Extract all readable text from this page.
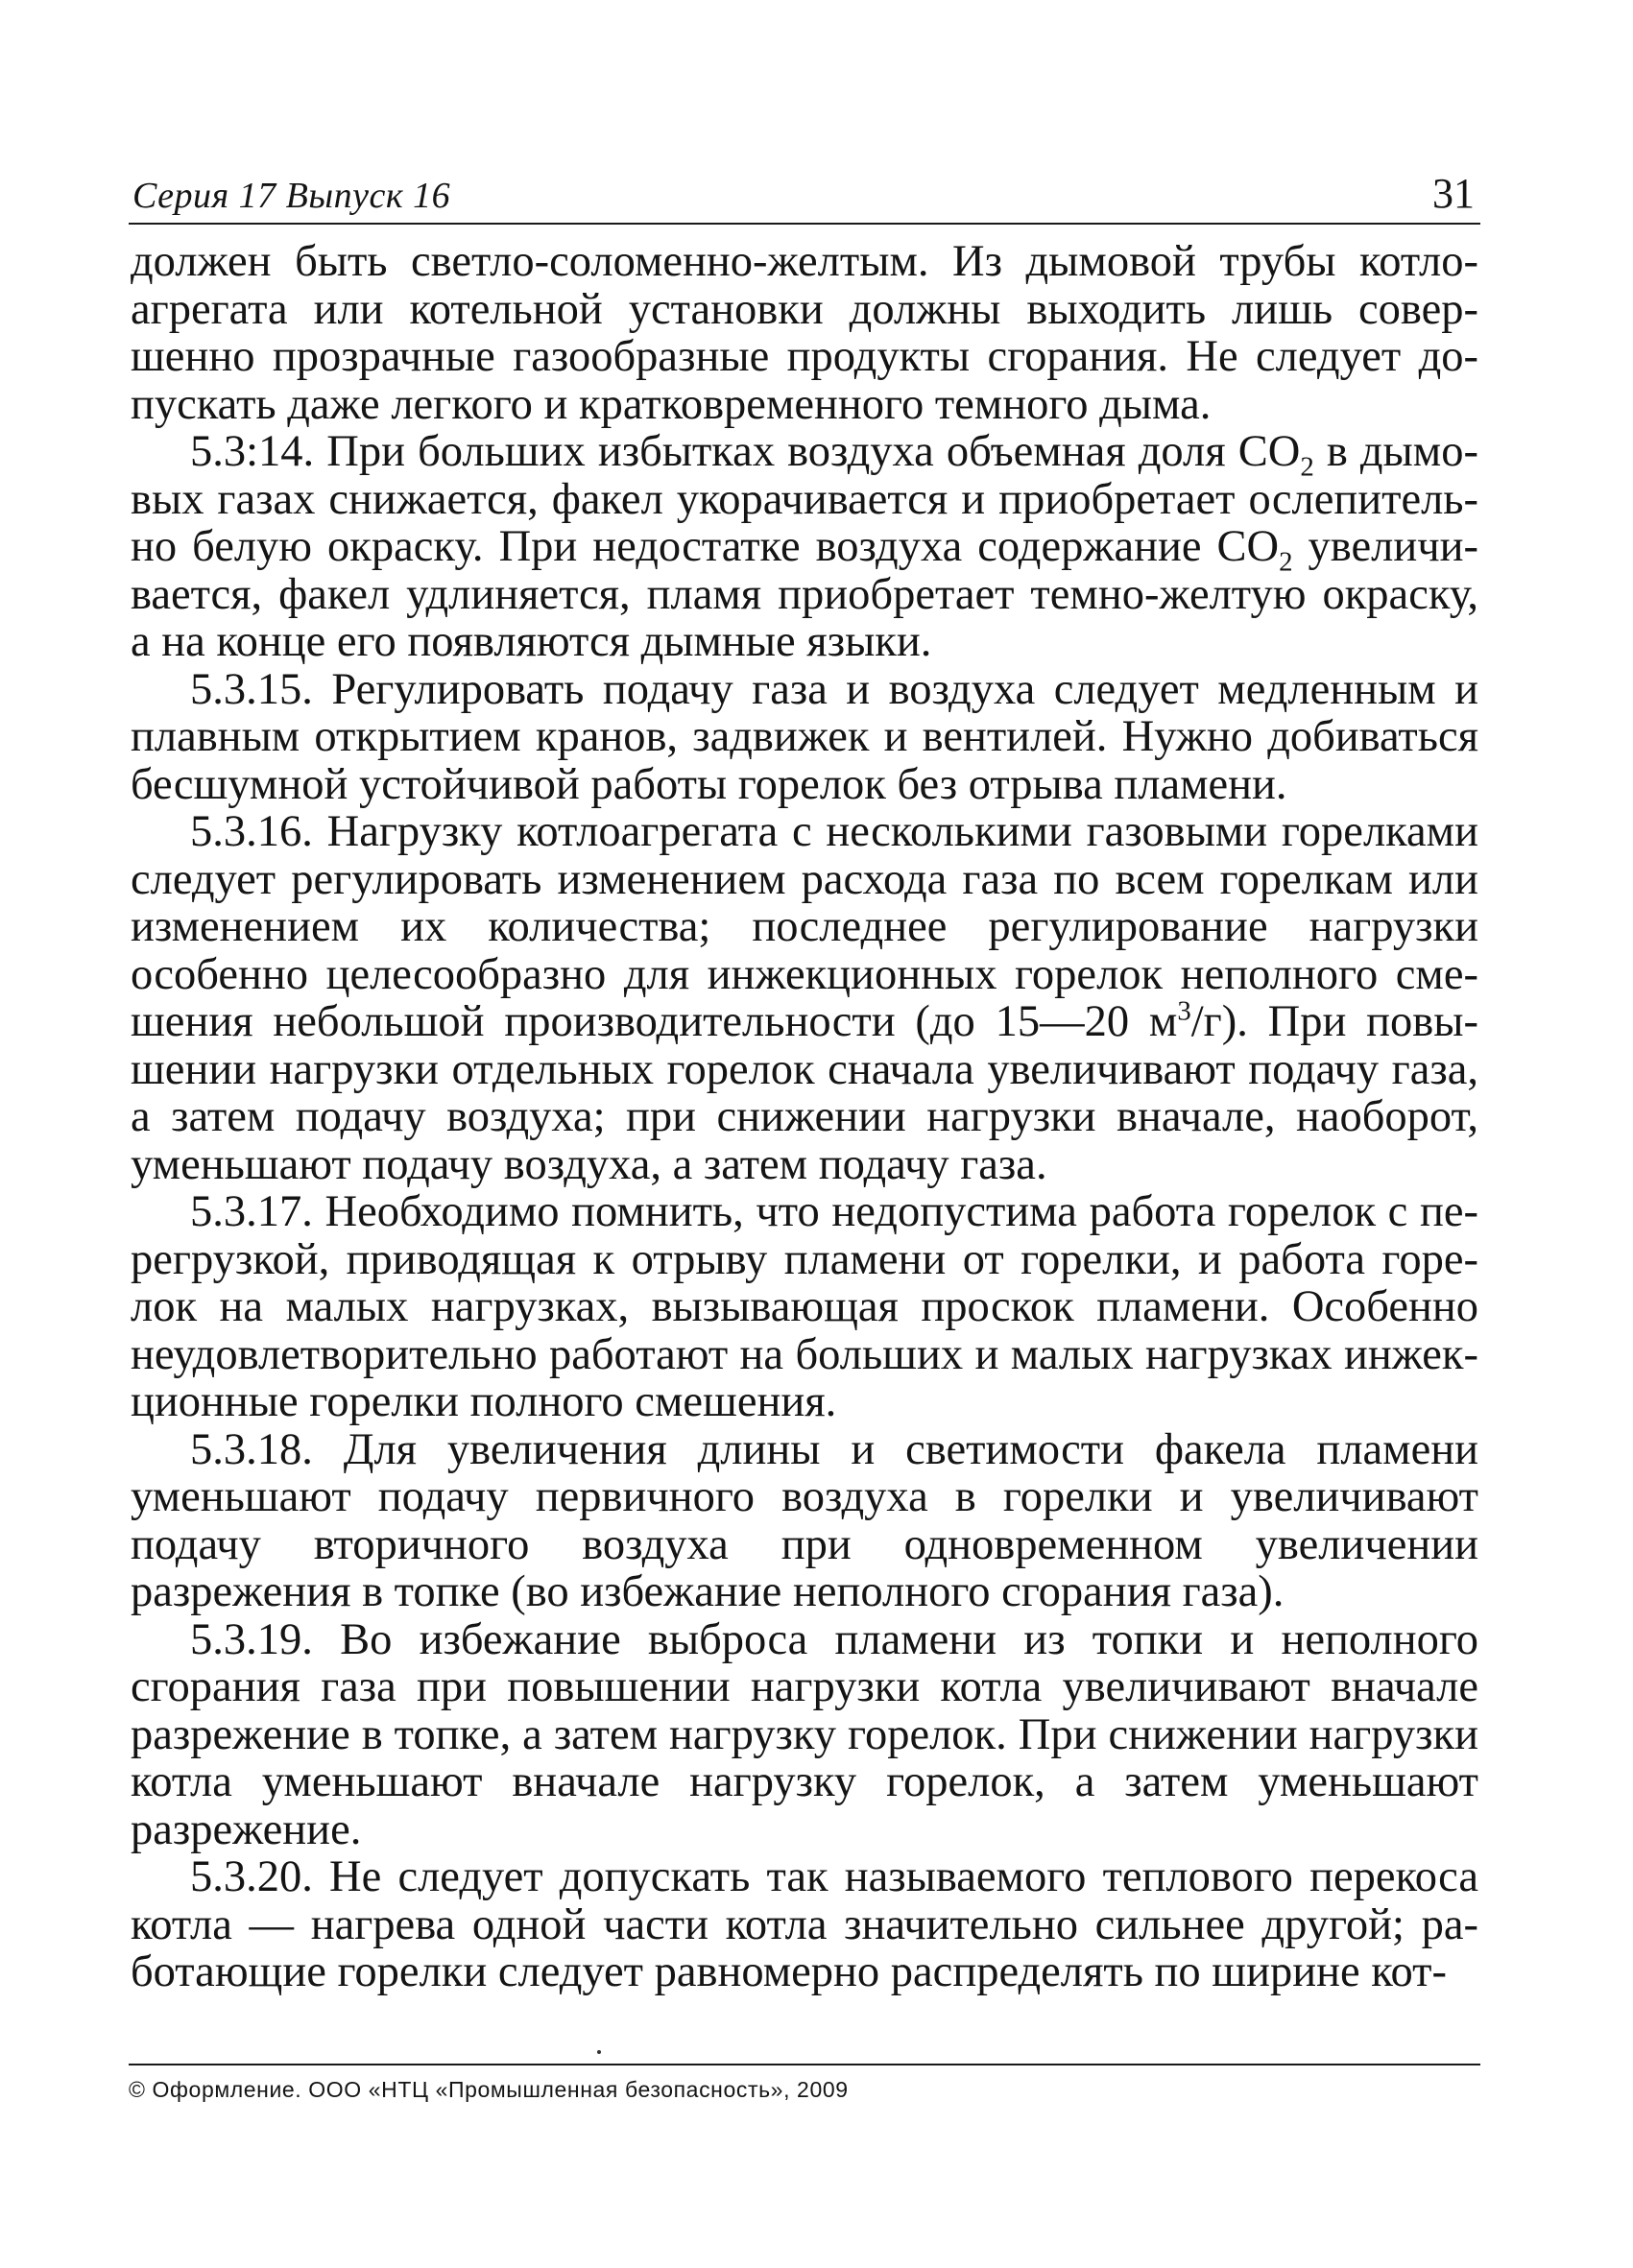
Серия 17 Выпуск 16	31

должен быть светло-соломенно-желтым. Из дымовой трубы котлоагрегата или котельной установки должны выходить лишь совершенно прозрачные газообразные продукты сгорания. Не следует допускать даже легкого и кратковременного темного дыма.

5.3:14. При больших избытках воздуха объемная доля $СО_2$ в дымовых газах снижается, факел укорачивается и приобретает ослепительно белую окраску. При недостатке воздуха содержание $СО_2$ увеличивается, факел удлиняется, пламя приобретает темно-желтую окраску, а на конце его появляются дымные языки.

5.3.15. Регулировать подачу газа и воздуха следует медленным и плавным открытием кранов, задвижек и вентилей. Нужно добиваться бесшумной устойчивой работы горелок без отрыва пламени.

5.3.16. Нагрузку котлоагрегата с несколькими газовыми горелками следует регулировать изменением расхода газа по всем горелкам или изменением их количества; последнее регулирование нагрузки особенно целесообразно для инжекционных горелок неполного смешения небольшой производительности (до 15—20 $м^3/г$). При повышении нагрузки отдельных горелок сначала увеличивают подачу газа, а затем подачу воздуха; при снижении нагрузки вначале, наоборот, уменьшают подачу воздуха, а затем подачу газа.

5.3.17. Необходимо помнить, что недопустима работа горелок с перегрузкой, приводящая к отрыву пламени от горелки, и работа горелок на малых нагрузках, вызывающая проскок пламени. Особенно неудовлетворительно работают на больших и малых нагрузках инжекционные горелки полного смешения.

5.3.18. Для увеличения длины и светимости факела пламени уменьшают подачу первичного воздуха в горелки и увеличивают подачу вторичного воздуха при одновременном увеличении разрежения в топке (во избежание неполного сгорания газа).

5.3.19. Во избежание выброса пламени из топки и неполного сгорания газа при повышении нагрузки котла увеличивают вначале разрежение в топке, а затем нагрузку горелок. При снижении нагрузки котла уменьшают вначале нагрузку горелок, а затем уменьшают разрежение.

5.3.20. Не следует допускать так называемого теплового перекоса котла — нагрева одной части котла значительно сильнее другой; работающие горелки следует равномерно распределять по ширине кот-

© Оформление. ООО «НТЦ «Промышленная безопасность», 2009
